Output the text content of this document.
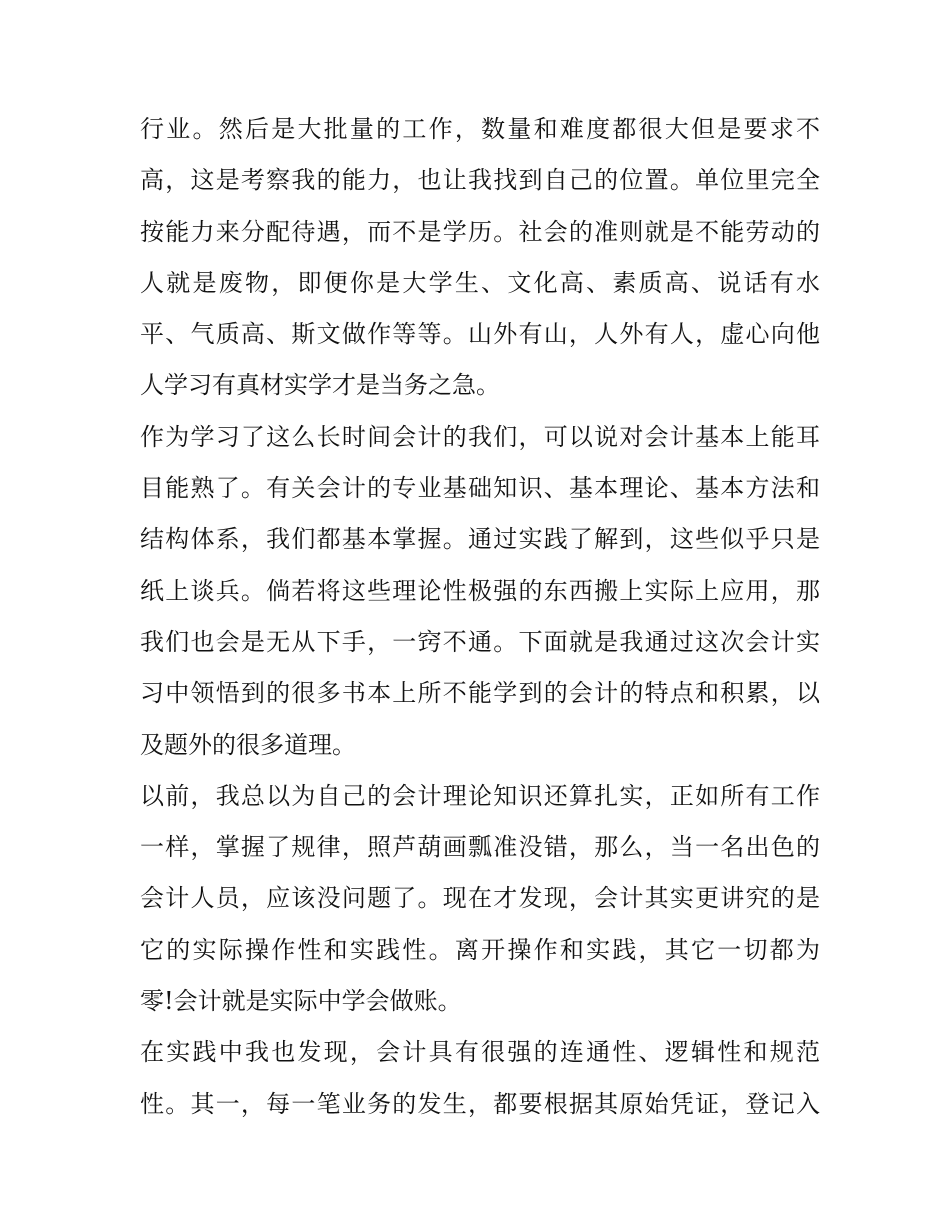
行业。然后是大批量的工作，数量和难度都很大但是要求不
高，这是考察我的能力，也让我找到自己的位置。单位里完全
按能力来分配待遇，而不是学历。社会的准则就是不能劳动的
人就是废物，即便你是大学生、文化高、素质高、说话有水
平、气质高、斯文做作等等。山外有山，人外有人，虚心向他
人学习有真材实学才是当务之急。
作为学习了这么长时间会计的我们，可以说对会计基本上能耳
目能熟了。有关会计的专业基础知识、基本理论、基本方法和
结构体系，我们都基本掌握。通过实践了解到，这些似乎只是
纸上谈兵。倘若将这些理论性极强的东西搬上实际上应用，那
我们也会是无从下手，一窍不通。下面就是我通过这次会计实
习中领悟到的很多书本上所不能学到的会计的特点和积累，以
及题外的很多道理。
以前，我总以为自己的会计理论知识还算扎实，正如所有工作
一样，掌握了规律，照芦葫画瓢准没错，那么，当一名出色的
会计人员，应该没问题了。现在才发现，会计其实更讲究的是
它的实际操作性和实践性。离开操作和实践，其它一切都为
零!会计就是实际中学会做账。
在实践中我也发现，会计具有很强的连通性、逻辑性和规范
性。其一，每一笔业务的发生，都要根据其原始凭证，登记入
